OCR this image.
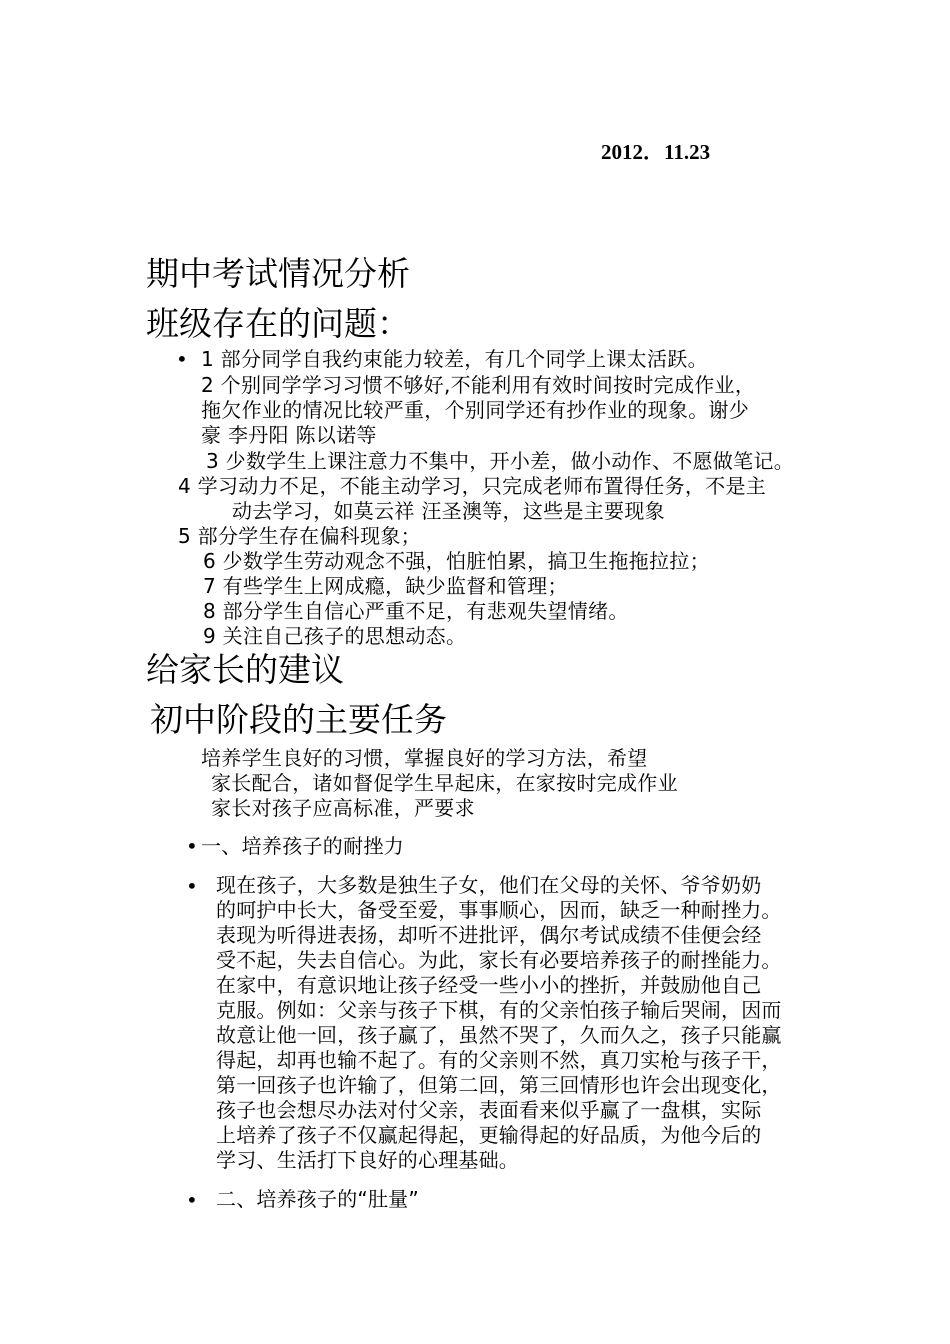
2012．11.23
期中考试情况分析
班级存在的问题：
• 1 部分同学自我约束能力较差，有几个同学上课太活跃。
2 个别同学学习习惯不够好,不能利用有效时间按时完成作业，
拖欠作业的情况比较严重，个别同学还有抄作业的现象。谢少
豪 李丹阳 陈以诺等
3 少数学生上课注意力不集中，开小差，做小动作、不愿做笔记。
4 学习动力不足，不能主动学习，只完成老师布置得任务，不是主
动去学习，如莫云祥 汪圣澳等，这些是主要现象
5 部分学生存在偏科现象；
6 少数学生劳动观念不强，怕脏怕累，搞卫生拖拖拉拉；
7 有些学生上网成瘾，缺少监督和管理；
8 部分学生自信心严重不足，有悲观失望情绪。
9 关注自己孩子的思想动态。
给家长的建议
初中阶段的主要任务
培养学生良好的习惯，掌握良好的学习方法，希望
家长配合，诸如督促学生早起床，在家按时完成作业
家长对孩子应高标准，严要求
• 一、培养孩子的耐挫力
• 现在孩子，大多数是独生子女，他们在父母的关怀、爷爷奶奶
的呵护中长大，备受至爱，事事顺心，因而，缺乏一种耐挫力。
表现为听得进表扬，却听不进批评，偶尔考试成绩不佳便会经
受不起，失去自信心。为此，家长有必要培养孩子的耐挫能力。
在家中，有意识地让孩子经受一些小小的挫折，并鼓励他自己
克服。例如：父亲与孩子下棋，有的父亲怕孩子输后哭闹，因而
故意让他一回，孩子赢了，虽然不哭了，久而久之，孩子只能赢
得起，却再也输不起了。有的父亲则不然，真刀实枪与孩子干，
第一回孩子也许输了，但第二回，第三回情形也许会出现变化，
孩子也会想尽办法对付父亲，表面看来似乎赢了一盘棋，实际
上培养了孩子不仅赢起得起，更输得起的好品质，为他今后的
学习、生活打下良好的心理基础。
• 二、培养孩子的“肚量”
